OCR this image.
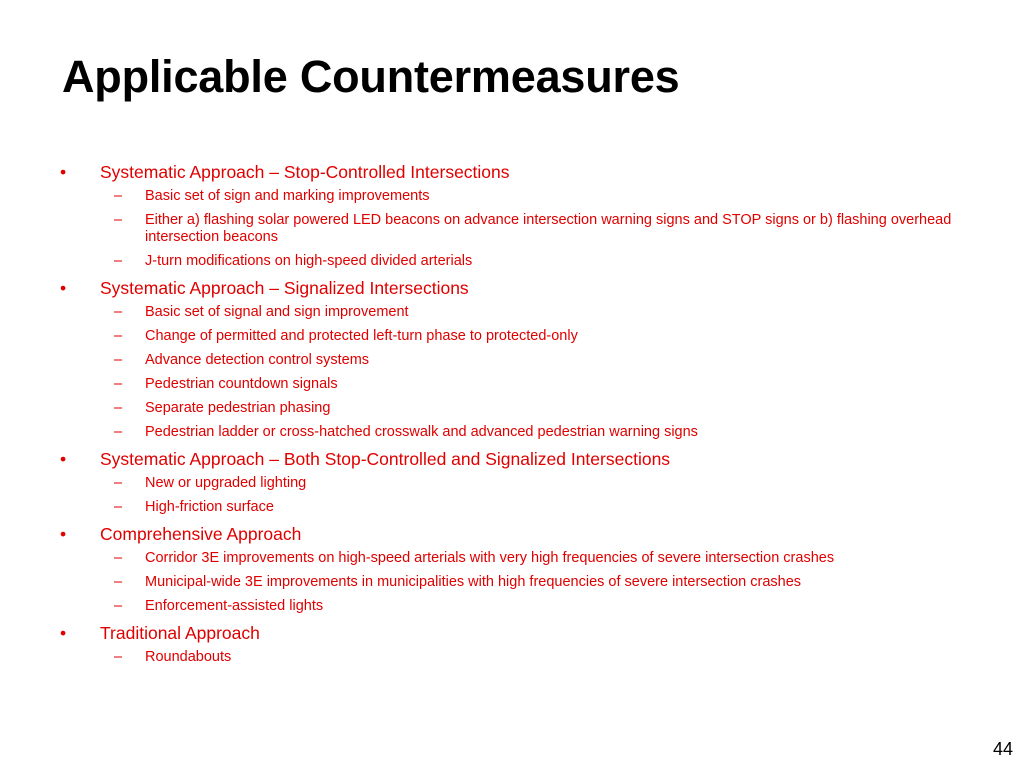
Applicable Countermeasures
• Systematic Approach – Stop-Controlled Intersections
– Basic set of sign and marking improvements
– Either a) flashing solar powered LED beacons on advance intersection warning signs and STOP signs or b) flashing overhead intersection beacons
– J-turn modifications on high-speed divided arterials
• Systematic Approach – Signalized Intersections
– Basic set of signal and sign improvement
– Change of permitted and protected left-turn phase to protected-only
– Advance detection control systems
– Pedestrian countdown signals
– Separate pedestrian phasing
– Pedestrian ladder or cross-hatched crosswalk and advanced pedestrian warning signs
• Systematic Approach – Both Stop-Controlled and Signalized Intersections
– New or upgraded lighting
– High-friction surface
• Comprehensive Approach
– Corridor 3E improvements on high-speed arterials with very high frequencies of severe intersection crashes
– Municipal-wide 3E improvements in municipalities with high frequencies of severe intersection crashes
– Enforcement-assisted lights
• Traditional Approach
– Roundabouts
44
